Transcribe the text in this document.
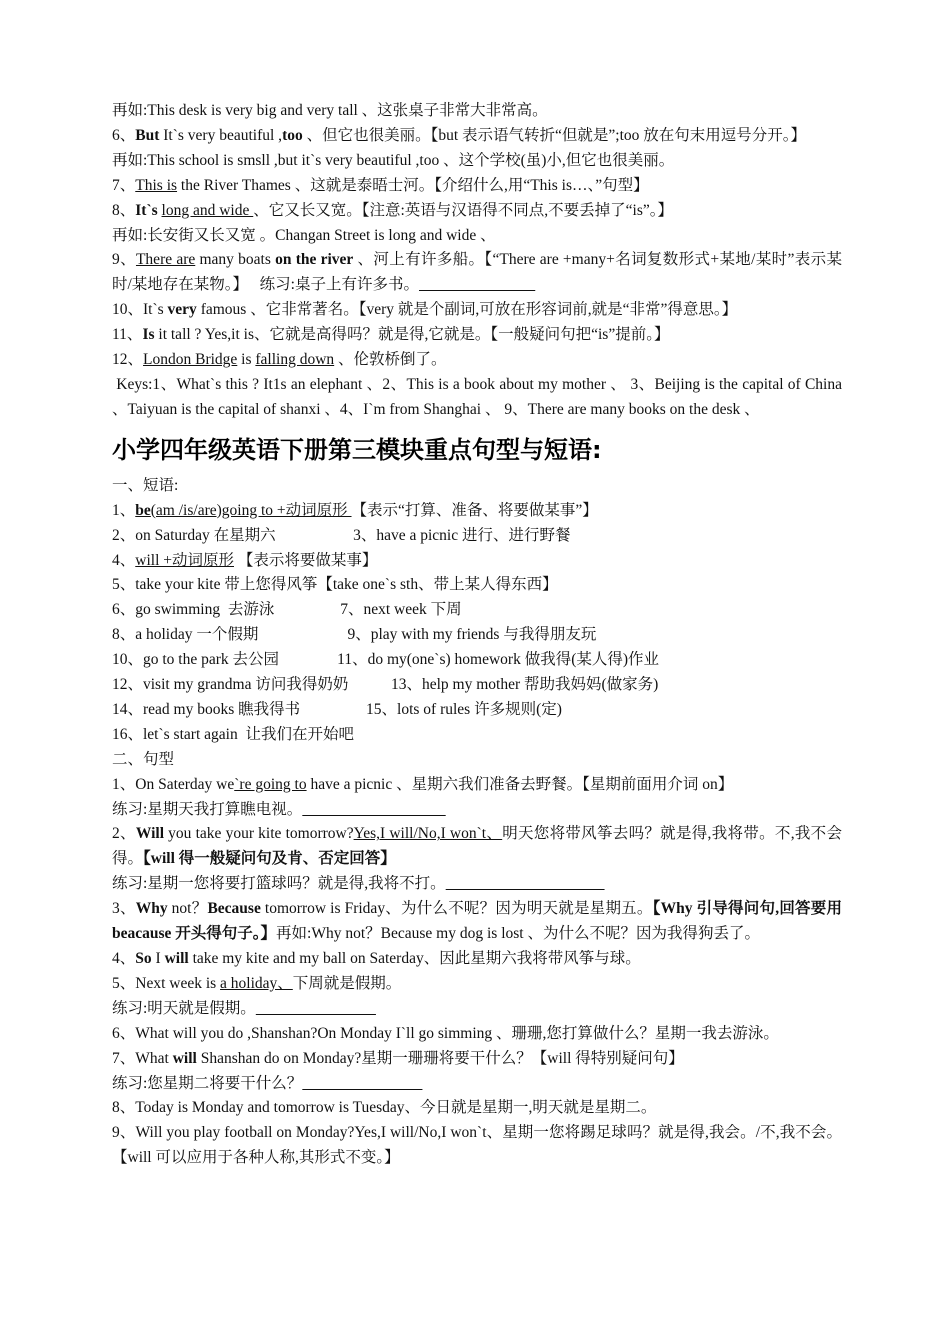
再如:This desk is very big and very tall 、这张桌子非常大非常高。
6、But It`s very beautiful ,too 、但它也很美丽。【but 表示语气转折“但就是”;too 放在句末用逗号分开。】
再如:This school is smsll ,but it`s very beautiful ,too 、这个学校(虽)小,但它也很美丽。
7、This is the River Thames 、这就是泰晤士河。【介绍什么,用“This is…、”句型】
8、It`s long and wide 、它又长又宽。【注意:英语与汉语得不同点,不要丢掉了“is”。】
再如:长安街又长又宽 。Changan Street is long and wide 、
9、There are many boats on the river 、河上有许多船。【“There are +many+名词复数形式+某地/某时”表示某时/某地存在某物。】   练习:桌子上有许多书。
10、It`s very famous 、它非常著名。【very 就是个副词,可放在形容词前,就是“非常”得意思。】
11、Is it tall ? Yes,it is、它就是高得吗？就是得,它就是。【一般疑问句把“is”提前。】
12、London Bridge is falling down 、伦敦桥倒了。
Keys:1、What`s this ? It1s an elephant 、2、This is a book about my mother 、 3、Beijing is the capital of China 、Taiyuan is the capital of shanxi 、4、I`m from Shanghai 、 9、There are many books on the desk 、
小学四年级英语下册第三模块重点句型与短语:
一、短语:
1、be(am /is/are)going to +动词原形 【表示“打算、准备、将要做某事”】
2、on Saturday 在星期六                    3、have a picnic 进行、进行野餐
4、will +动词原形 【表示将要做某事】
5、take your kite 带上您得风筝【take one`s sth、带上某人得东西】
6、go swimming  去游泳                 7、next week 下周
8、a holiday 一个假期                       9、play with my friends 与我得朋友玩
10、go to the park 去公园               11、do my(one`s) homework 做我得(某人得)作业
12、visit my grandma 访问我得奶奶           13、help my mother 帮助我妈妈(做家务)
14、read my books 瞧我得书                 15、lots of rules 许多规则(定)
16、let`s start again  让我们在开始吧
二、句型
1、On Saterday we`re going to have a picnic 、星期六我们准备去野餐。【星期前面用介词 on】
练习:星期天我打算瞧电视。
2、Will you take your kite tomorrow?Yes,I will/No,I won`t、明天您将带风筝去吗？就是得,我将带。不,我不会得。【will 得一般疑问句及肯、否定回答】
练习:星期一您将要打篮球吗？就是得,我将不打。
3、Why not？Because tomorrow is Friday、为什么不呢？因为明天就是星期五。【Why 引导得问句,回答要用 beacause 开头得句子。】再如:Why not？Because my dog is lost 、为什么不呢？因为我得狗丢了。
4、So I will take my kite and my ball on Saterday、因此星期六我将带风筝与球。
5、Next week is a holiday、下周就是假期。
练习:明天就是假期。
6、What will you do ,Shanshan?On Monday I`ll go simming 、珊珊,您打算做什么？星期一我去游泳。
7、What will Shanshan do on Monday?星期一珊珊将要干什么？【will 得特别疑问句】
练习:您星期二将要干什么？
8、Today is Monday and tomorrow is Tuesday、今日就是星期一,明天就是星期二。
9、Will you play football on Monday?Yes,I will/No,I won`t、星期一您将踢足球吗？就是得,我会。/不,我不会。【will 可以应用于各种人称,其形式不变。】
